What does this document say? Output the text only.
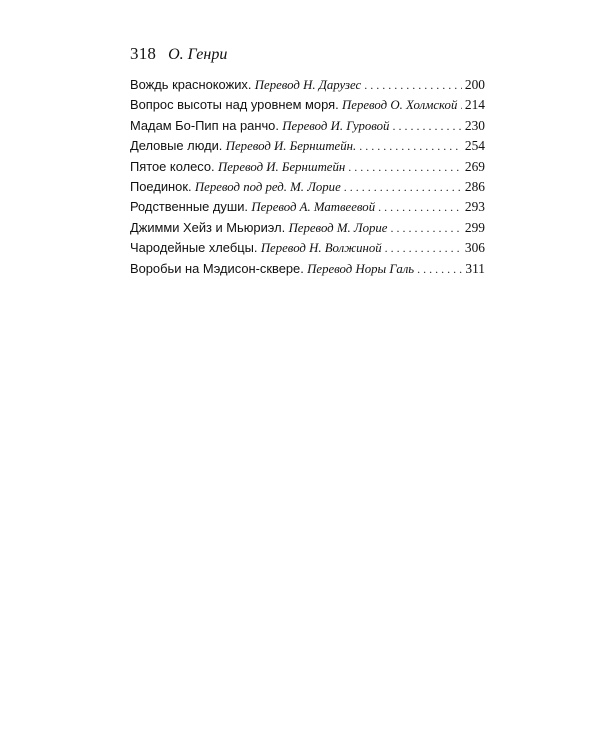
318 О. Генри
Вождь краснокожих.
Перевод Н. Дарузес . . .	200
Вопрос высоты над уровнем моря.
Перевод О. Холмской . . . 214
Мадам Бо-Пип на ранчо.
Перевод И. Гуровой . . .	230
Деловые люди.
Перевод И. Бернштейн. . . .	254
Пятое колесо.
Перевод И. Бернштейн . . .	269
Поединок.
Перевод под ред. М. Лорие . . .	286
Родственные души.
Перевод А. Матвеевой . . .	293
Джимми Хейз и Мьюриэл.
Перевод М. Лорие . . .	299
Чародейные хлебцы.
Перевод Н. Волжиной . . .	306
Воробьи на Мэдисон-сквере.
Перевод Норы Галь . . .	311
